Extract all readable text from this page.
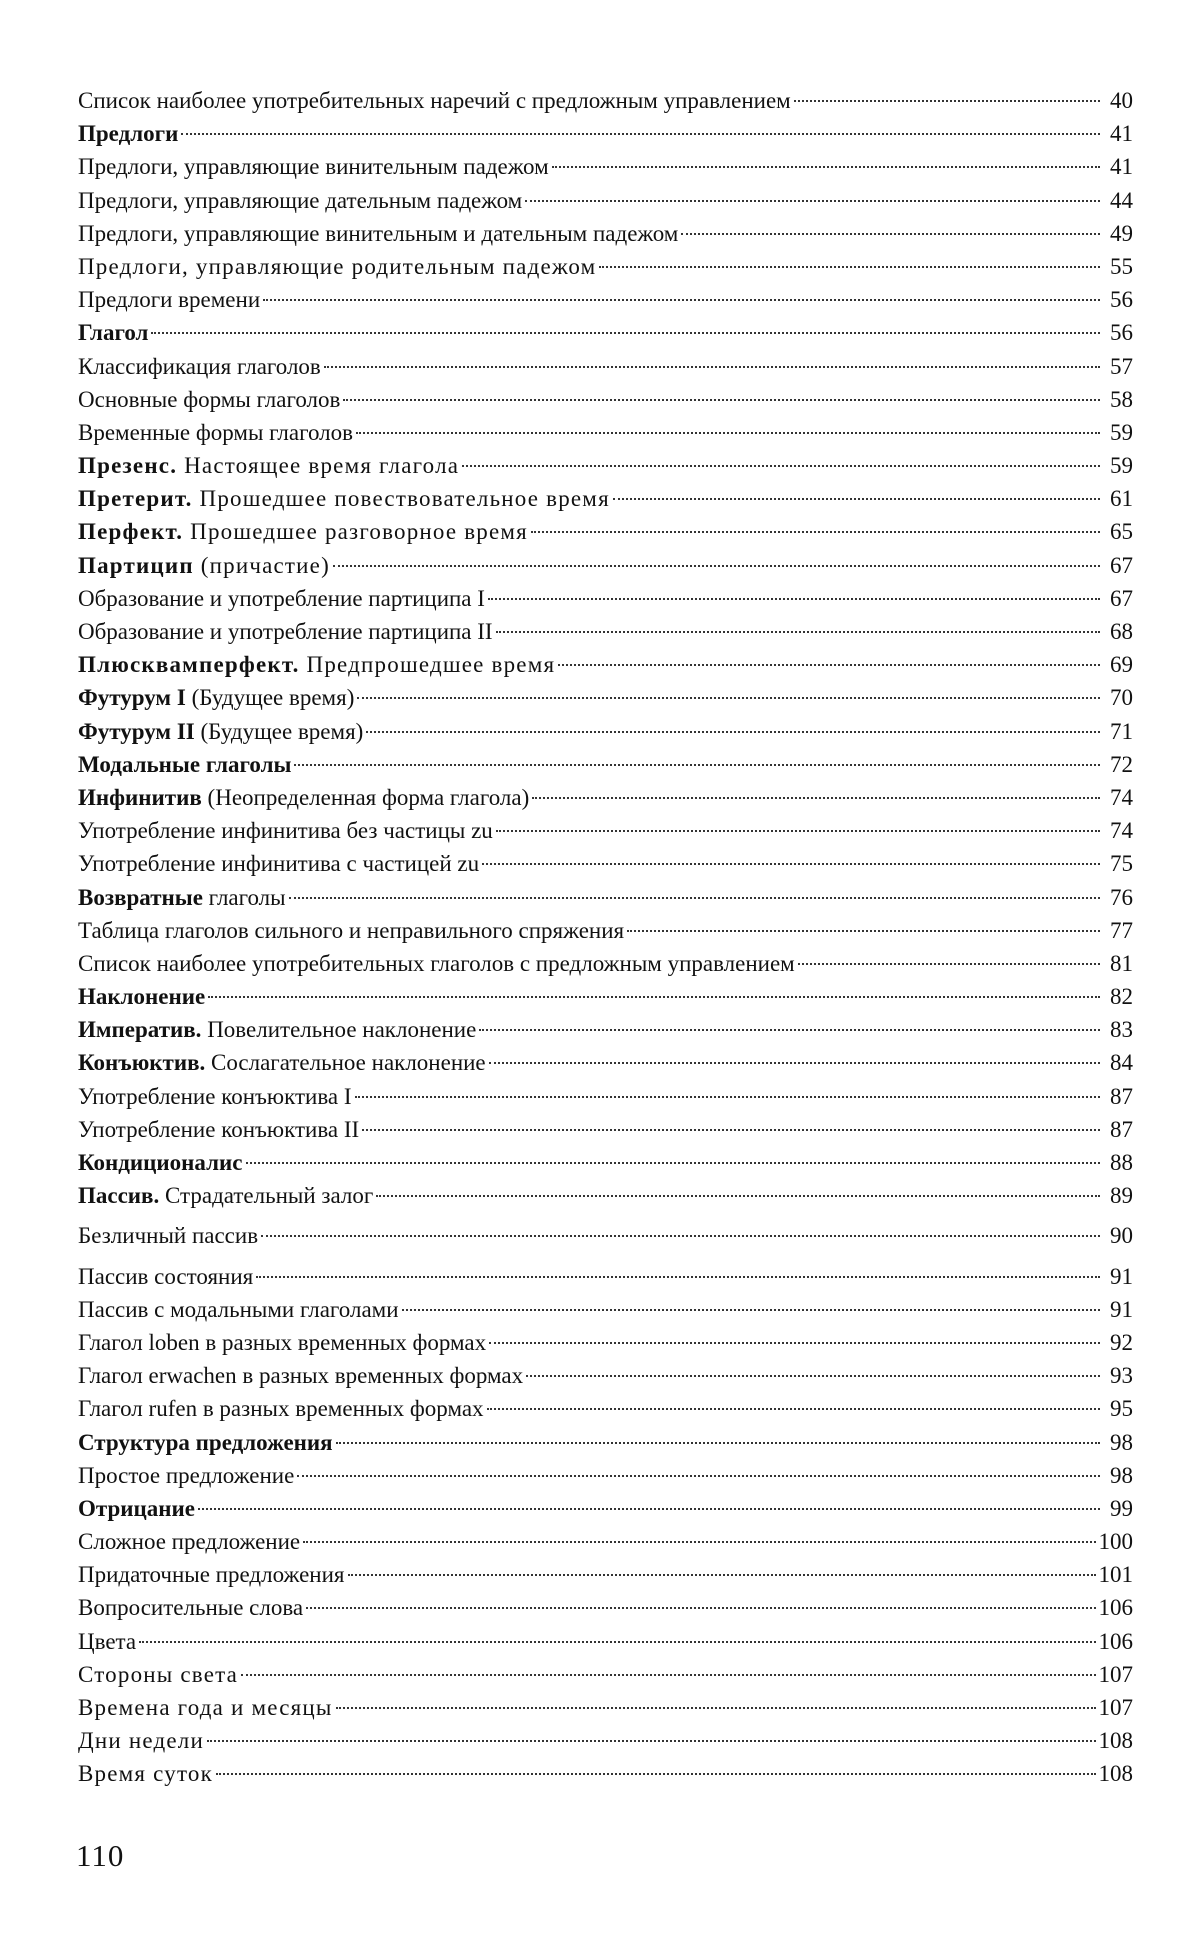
Список наиболее употребительных наречий с предложным управлением	40
Предлоги	41
Предлоги, управляющие винительным падежом	41
Предлоги, управляющие дательным падежом	44
Предлоги, управляющие винительным и дательным падежом	49
Предлоги, управляющие родительным падежом	55
Предлоги времени	56
Глагол	56
Классификация глаголов	57
Основные формы глаголов	58
Временные формы глаголов	59
Презенс. Настоящее время глагола	59
Претерит. Прошедшее повествовательное время	61
Перфект. Прошедшее разговорное время	65
Партицип (причастие)	67
Образование и употребление партиципа I	67
Образование и употребление партиципа II	68
Плюсквамперфект. Предпрошедшее время	69
Футурум I (Будущее время)	70
Футурум II (Будущее время)	71
Модальные глаголы	72
Инфинитив (Неопределенная форма глагола)	74
Употребление инфинитива без частицы zu	74
Употребление инфинитива с частицей zu	75
Возвратные глаголы	76
Таблица глаголов сильного и неправильного спряжения	77
Список наиболее употребительных глаголов с предложным управлением	81
Наклонение	82
Императив. Повелительное наклонение	83
Конъюктив. Сослагательное наклонение	84
Употребление конъюктива I	87
Употребление конъюктива II	87
Кондиционалис	88
Пассив. Страдательный залог	89
Безличный пассив	90
Пассив состояния	91
Пассив с модальными глаголами	91
Глагол loben в разных временных формах	92
Глагол erwachen в разных временных формах	93
Глагол rufen в разных временных формах	95
Структура предложения	98
Простое предложение	98
Отрицание	99
Сложное предложение	100
Придаточные предложения	101
Вопросительные слова	106
Цвета	106
Стороны света	107
Времена года и месяцы	107
Дни недели	108
Время суток	108
110
